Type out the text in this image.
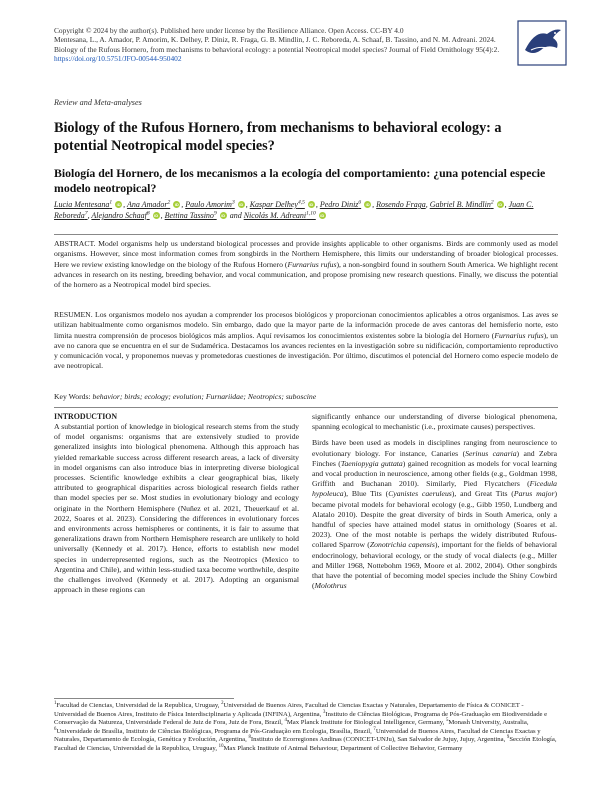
Copyright © 2024 by the author(s). Published here under license by the Resilience Alliance. Open Access. CC-BY 4.0
Mentesana, L., A. Amador, P. Amorim, K. Delhey, P. Diniz, R. Fraga, G. B. Mindlin, J. C. Reboreda, A. Schaaf, B. Tassino, and N. M. Adreani. 2024. Biology of the Rufous Hornero, from mechanisms to behavioral ecology: a potential Neotropical model species? Journal of Field Ornithology 95(4):2. https://doi.org/10.5751/JFO-00544-950402
Review and Meta-analyses
Biology of the Rufous Hornero, from mechanisms to behavioral ecology: a potential Neotropical model species?
Biología del Hornero, de los mecanismos a la ecología del comportamiento: ¿una potencial especie modelo neotropical?
Lucia Mentesana$^1$ iD , Ana Amador$^2$ iD , Paulo Amorim$^3$ iD , Kaspar Delhey$^{4,5}$ iD , Pedro Diniz$^6$ iD , Rosendo Fraga, Gabriel B. Mindlin$^2$ iD , Juan C. Reboreda$^7$, Alejandro Schaaf$^8$ iD , Bettina Tassino$^9$ iD and Nicolás M. Adreani$^{1,10}$ iD
ABSTRACT. Model organisms help us understand biological processes and provide insights applicable to other organisms. Birds are commonly used as model organisms. However, since most information comes from songbirds in the Northern Hemisphere, this limits our understanding of broader biological processes. Here we review existing knowledge on the biology of the Rufous Hornero (Furnarius rufus), a non-songbird found in southern South America. We highlight recent advances in research on its nesting, breeding behavior, and vocal communication, and propose promising new research questions. Finally, we discuss the potential of the hornero as a Neotropical model bird species.
RESUMEN. Los organismos modelo nos ayudan a comprender los procesos biológicos y proporcionan conocimientos aplicables a otros organismos. Las aves se utilizan habitualmente como organismos modelo. Sin embargo, dado que la mayor parte de la información procede de aves cantoras del hemisferio norte, esto limita nuestra comprensión de procesos biológicos más amplios. Aquí revisamos los conocimientos existentes sobre la biología del Hornero (Furnarius rufus), un ave no canora que se encuentra en el sur de Sudamérica. Destacamos los avances recientes en la investigación sobre su nidificación, comportamiento reproductivo y comunicación vocal, y proponemos nuevas y prometedoras cuestiones de investigación. Por último, discutimos el potencial del Hornero como especie modelo de ave neotropical.
Key Words: behavior; birds; ecology; evolution; Furnariidae; Neotropics; suboscine
INTRODUCTION

A substantial portion of knowledge in biological research stems from the study of model organisms: organisms that are extensively studied to provide generalized insights into biological phenomena. Although this approach has yielded remarkable success across different research areas, a lack of diversity in model organisms can also introduce bias in interpreting diverse biological processes. Scientific knowledge exhibits a clear geographical bias, likely attributed to geographical disparities across biological research fields rather than model species per se. Most studies in evolutionary biology and ecology originate in the Northern Hemisphere (Nuñez et al. 2021, Theuerkauf et al. 2022, Soares et al. 2023). Considering the differences in evolutionary forces and environments across hemispheres or continents, it is fair to assume that generalizations drawn from Northern Hemisphere research are unlikely to hold universally (Kennedy et al. 2017). Hence, efforts to establish new model species in underrepresented regions, such as the Neotropics (Mexico to Argentina and Chile), and within less-studied taxa become worthwhile, despite the challenges involved (Kennedy et al. 2017). Adopting an organismal approach in these regions can

significantly enhance our understanding of diverse biological phenomena, spanning ecological to mechanistic (i.e., proximate causes) perspectives.

Birds have been used as models in disciplines ranging from neuroscience to evolutionary biology. For instance, Canaries (Serinus canaria) and Zebra Finches (Taeniopygia guttata) gained recognition as models for vocal learning and vocal production in neuroscience, among other fields (e.g., Goldman 1998, Griffith and Buchanan 2010). Similarly, Pied Flycatchers (Ficedula hypoleuca), Blue Tits (Cyanistes caeruleus), and Great Tits (Parus major) became pivotal models for behavioral ecology (e.g., Gibb 1950, Lundberg and Alatalo 2010). Despite the great diversity of birds in South America, only a handful of species have attained model status in ornithology (Soares et al. 2023). One of the most notable is perhaps the widely distributed Rufous-collared Sparrow (Zonotrichia capensis), important for the fields of behavioral endocrinology, behavioral ecology, or the study of vocal dialects (e.g., Miller and Miller 1968, Nottebohm 1969, Moore et al. 2002, 2004). Other songbirds that have the potential of becoming model species include the Shiny Cowbird (Molothrus

$^1$Facultad de Ciencias, Universidad de la Republica, Uruguay, $^2$Universidad de Buenos Aires, Facultad de Ciencias Exactas y Naturales, Departamento de Física & CONICET - Universidad de Buenos Aires, Instituto de Física Interdisciplinaria y Aplicada (INFINA), Argentina, $^3$Instituto de Ciências Biológicas, Programa de Pós-Graduação em Biodiversidade e Conservação da Natureza, Universidade Federal de Juiz de Fora, Juiz de Fora, Brazil, $^4$Max Planck Institute for Biological Intelligence, Germany, $^5$Monash University, Australia, $^6$Universidade de Brasília, Instituto de Ciências Biológicas, Programa de Pós-Graduação em Ecologia, Brasília, Brazil, $^7$Universidad de Buenos Aires, Facultad de Ciencias Exactas y Naturales, Departamento de Ecología, Genética y Evolución, Argentina, $^8$Instituto de Ecorregiones Andinas (CONICET-UNJu), San Salvador de Jujuy, Jujuy, Argentina, $^9$Sección Etología, Facultad de Ciencias, Universidad de la Republica, Uruguay, $^{10}$Max Planck Institute of Animal Behaviour, Department of Collective Behavior, Germany
